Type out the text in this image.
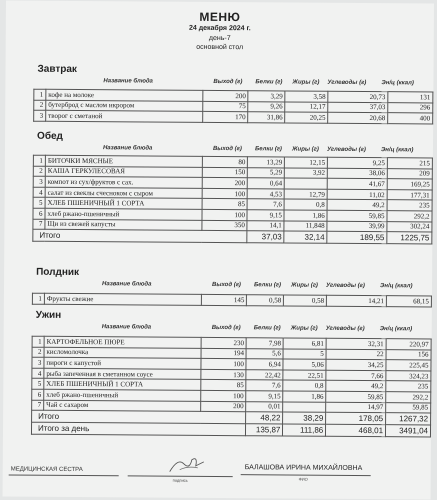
МЕНЮ
24 декабря 2024 г.
день-7
основной стол
Завтрак
Название блюда	Выход (г) Белки (г) Жиры (г) Углеводы (г)	Эн/ц (ккал)
1	кофе на молоке	200	3,29	3,58	20,73	131
2	бутерброд с маслом икрором	75	9,26	12,17	37,03	296
3	творог с сметаной	170	31,86	20,25	20,68	400
Обед
Название блюда	Выход (г) Белки (г) Жиры (г) Углеводы (г)	Эн/ц (ккал)
1	БИТОЧКИ МЯСНЫЕ	80	13,29	12,15	9,25	215
2	КАША ГЕРКУЛЕСОВАЯ	150	5,29	3,92	38,06	209
3	компот из сух/фруктов с сах.	200	0,64		41,67	169,25
4	салат из свеклы счесноком с сыром	100	4,53	12,79	11,02	177,31
5	ХЛЕБ ПШЕНИЧНЫЙ 1 СОРТА	85	7,6	0,8	49,2	235
6	хлеб ржано-пшеничный	100	9,15	1,86	59,85	292,2
7	Щи из свежей капусты	350	14,1	11,848	39,99	302,24
Итого			37,03	32,14	189,55	1225,75
Полдник
Название блюда	Выход (г) Белки (г) Жиры (г) Углеводы (г)	Эн/ц (ккал)
1	Фрукты свежие	145	0,58	0,58	14,21	68,15
Ужин
Название блюда	Выход (г) Белки (г) Жиры (г) Углеводы (г)	Эн/ц (ккал)
1	КАРТОФЕЛЬНОЕ ПЮРЕ	230	7,98	6,81	32,31	220,97
2	кисломолочка	194	5,6	5	22	156
3	пироги с капустой	100	6,94	5,06	34,25	225,45
4	рыба запеченная в сметанном соусе	130	22,42	22,51	7,66	324,23
5	ХЛЕБ ПШЕНИЧНЫЙ 1 СОРТА	85	7,6	0,8	49,2	235
6	хлеб ржано-пшеничный	100	9,15	1,86	59,85	292,2
7	Чай с сахаром	200	0,01		14,97	59,85
Итого			48,22	38,29	178,05	1267,32
Итого за день			135,87	111,86	468,01	3491,04
МЕДИЦИНСКАЯ СЕСТРА
подпись
БАЛАШОВА ИРИНА МИХАЙЛОВНА
ФИО
